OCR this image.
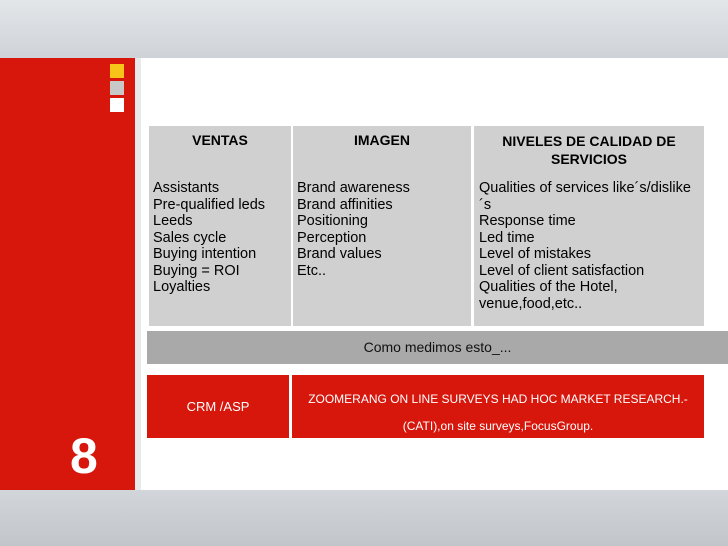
8
VENTAS
Assistants
Pre-qualified leds
Leeds
Sales cycle
Buying intention
Buying = ROI
Loyalties
IMAGEN
Brand awareness
Brand affinities
Positioning
Perception
Brand values
Etc..
NIVELES DE CALIDAD DE SERVICIOS
Qualities of services like´s/dislike ´s
Response time
Led time
Level of mistakes
Level of client satisfaction
Qualities of the Hotel, venue,food,etc..
Como medimos esto_...
CRM /ASP	ZOOMERANG ON LINE SURVEYS HAD HOC MARKET RESEARCH.-
(CATI),on site surveys,FocusGroup.
